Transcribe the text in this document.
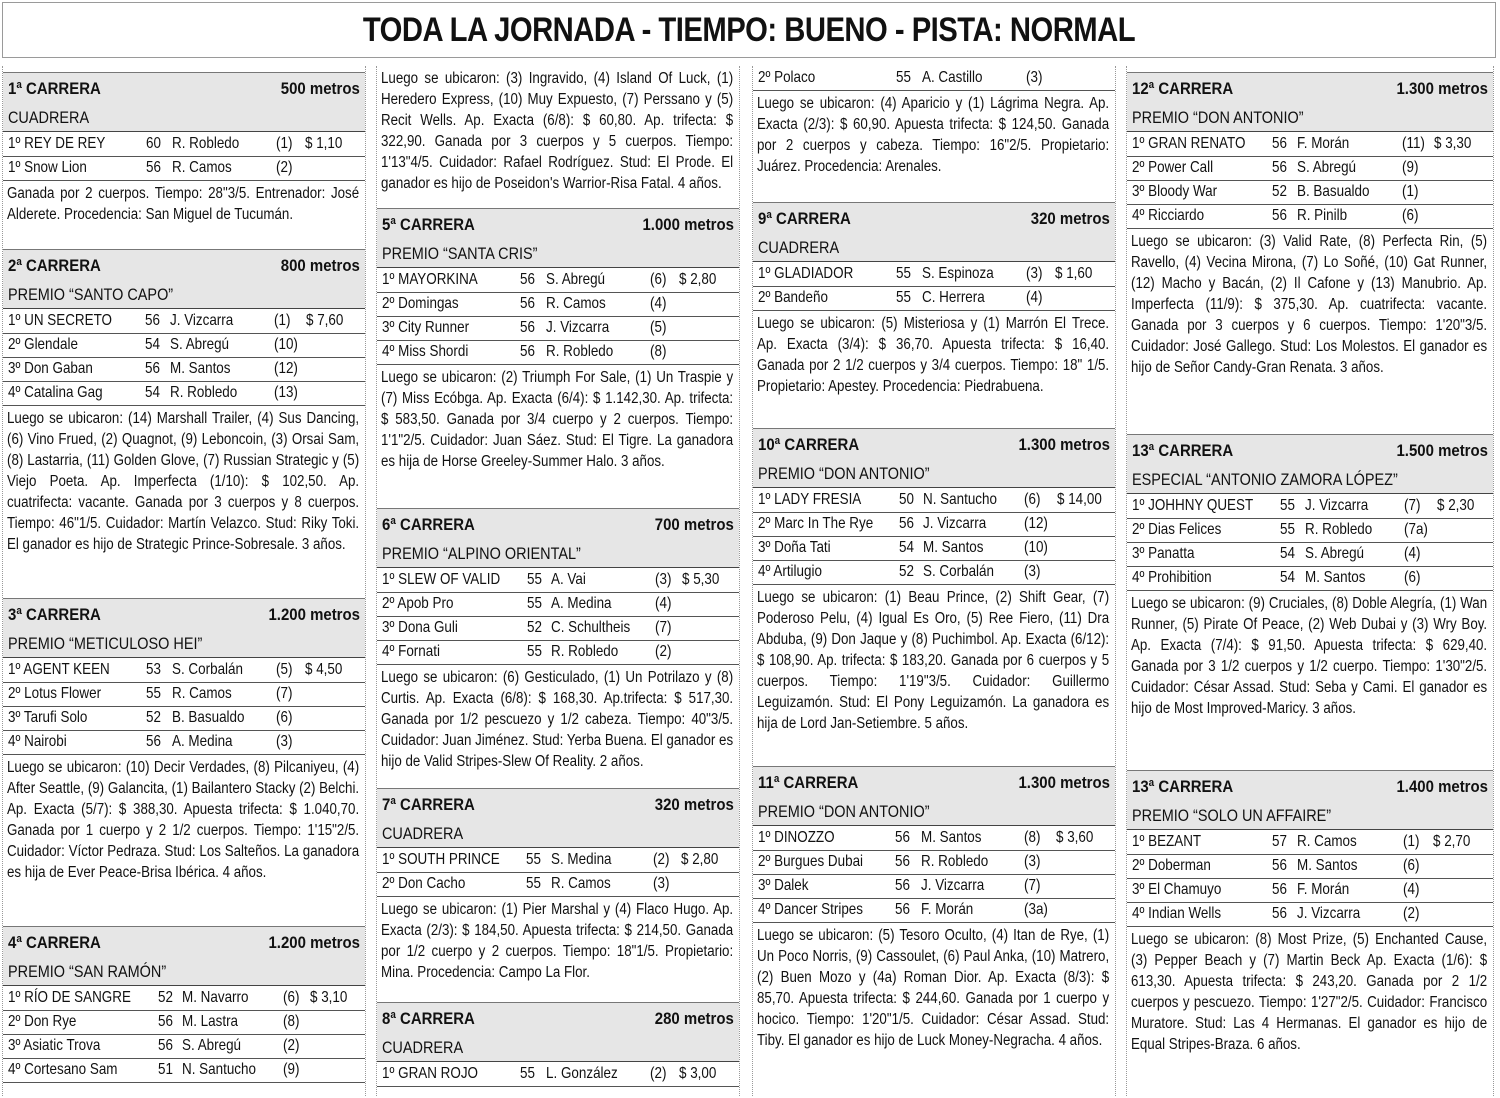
TODA LA JORNADA - TIEMPO: BUENO - PISTA: NORMAL
1ª CARRERA	500 metros
CUADRERA
1º REY DE REY	60	R. Robledo	(1)	$ 1,10
1º Snow Lion	56	R. Camos	(2)	
Ganada por 2 cuerpos. Tiempo: 28"3/5. Entrenador: José Alderete. Procedencia: San Miguel de Tucumán.
2ª CARRERA	800 metros
PREMIO “SANTO CAPO”
1º UN SECRETO	56	J. Vizcarra	(1)	$ 7,60
2º Glendale	54	S. Abregú	(10)	
3º Don Gaban	56	M. Santos	(12)	
4º Catalina Gag	54	R. Robledo	(13)	
Luego se ubicaron: (14) Marshall Trailer, (4) Sus Dancing, (6) Vino Frued, (2) Quagnot, (9) Leboncoin, (3) Orsai Sam, (8) Lastarria, (11) Golden Glove, (7) Russian Strategic y (5) Viejo Poeta. Ap. Imperfecta (1/10): $ 102,50. Ap. cuatrifecta: vacante. Ganada por 3 cuerpos y 8 cuerpos. Tiempo: 46"1/5. Cuidador: Martín Velazco. Stud: Riky Toki. El ganador es hijo de Strategic Prince-Sobresale. 3 años.
3ª CARRERA	1.200 metros
PREMIO “METICULOSO HEI”
1º AGENT KEEN	53	S. Corbalán	(5)	$ 4,50
2º Lotus Flower	55	R. Camos	(7)	
3º Tarufi Solo	52	B. Basualdo	(6)	
4º Nairobi	56	A. Medina	(3)	
Luego se ubicaron: (10) Decir Verdades, (8) Pilcaniyeu, (4) After Seattle, (9) Galancita, (1) Bailantero Stacky (2) Belchi. Ap. Exacta (5/7): $ 388,30. Apuesta trifecta: $ 1.040,70. Ganada por 1 cuerpo y 2 1/2 cuerpos. Tiempo: 1'15"2/5. Cuidador: Víctor Pedraza. Stud: Los Salteños. La ganadora es hija de Ever Peace-Brisa Ibérica. 4 años.
4ª CARRERA	1.200 metros
PREMIO “SAN RAMÓN”
1º RÍO DE SANGRE	52	M. Navarro	(6)	$ 3,10
2º Don Rye	56	M. Lastra	(8)	
3º Asiatic Trova	56	S. Abregú	(2)	
4º Cortesano Sam	51	N. Santucho	(9)	
Luego se ubicaron: (3) Ingravido, (4) Island Of Luck, (1) Heredero Express, (10) Muy Expuesto, (7) Perssano y (5) Recit Wells. Ap. Exacta (6/8): $ 60,80. Ap. trifecta: $ 322,90. Ganada por 3 cuerpos y 5 cuerpos. Tiempo: 1'13"4/5. Cuidador: Rafael Rodríguez. Stud: El Prode. El ganador es hijo de Poseidon's Warrior-Risa Fatal. 4 años.
5ª CARRERA	1.000 metros
PREMIO “SANTA CRIS”
1º MAYORKINA	56	S. Abregú	(6)	$ 2,80
2º Domingas	56	R. Camos	(4)	
3º City Runner	56	J. Vizcarra	(5)	
4º Miss Shordi	56	R. Robledo	(8)	
Luego se ubicaron: (2) Triumph For Sale, (1) Un Traspie y (7) Miss Ecóbga. Ap. Exacta (6/4): $ 1.142,30. Ap. trifecta: $ 583,50. Ganada por 3/4 cuerpo y 2 cuerpos. Tiempo: 1'1"2/5. Cuidador: Juan Sáez. Stud: El Tigre. La ganadora es hija de Horse Greeley-Summer Halo. 3 años.
6ª CARRERA	700 metros
PREMIO “ALPINO ORIENTAL”
1º SLEW OF VALID	55	A. Vai	(3)	$ 5,30
2º Apob Pro	55	A. Medina	(4)	
3º Dona Guli	52	C. Schultheis	(7)	
4º Fornati	55	R. Robledo	(2)	
Luego se ubicaron: (6) Gesticulado, (1) Un Potrilazo y (8) Curtis. Ap. Exacta (6/8): $ 168,30. Ap.trifecta: $ 517,30. Ganada por 1/2 pescuezo y 1/2 cabeza. Tiempo: 40"3/5. Cuidador: Juan Jiménez. Stud: Yerba Buena. El ganador es hijo de Valid Stripes-Slew Of Reality. 2 años.
7ª CARRERA	320 metros
CUADRERA
1º SOUTH PRINCE	55	S. Medina	(2)	$ 2,80
2º Don Cacho	55	R. Camos	(3)	
Luego se ubicaron: (1) Pier Marshal y (4) Flaco Hugo. Ap. Exacta (2/3): $ 184,50. Apuesta trifecta: $ 214,50. Ganada por 1/2 cuerpo y 2 cuerpos. Tiempo: 18"1/5. Propietario: Mina. Procedencia: Campo La Flor.
8ª CARRERA	280 metros
CUADRERA
1º GRAN ROJO	55	L. González	(2)	$ 3,00
2º Polaco	55	A. Castillo	(3)	
Luego se ubicaron: (4) Aparicio y (1) Lágrima Negra. Ap. Exacta (2/3): $ 60,90. Apuesta trifecta: $ 124,50. Ganada por 2 cuerpos y cabeza. Tiempo: 16"2/5. Propietario: Juárez. Procedencia: Arenales.
9ª CARRERA	320 metros
CUADRERA
1º GLADIADOR	55	S. Espinoza	(3)	$ 1,60
2º Bandeño	55	C. Herrera	(4)	
Luego se ubicaron: (5) Misteriosa y (1) Marrón El Trece. Ap. Exacta (3/4): $ 36,70. Apuesta trifecta: $ 16,40. Ganada por 2 1/2 cuerpos y 3/4 cuerpos. Tiempo: 18" 1/5. Propietario: Apestey. Procedencia: Piedrabuena.
10ª CARRERA	1.300 metros
PREMIO “DON ANTONIO”
1º LADY FRESIA	50	N. Santucho	(6)	$ 14,00
2º Marc In The Rye	56	J. Vizcarra	(12)	
3º Doña Tati	54	M. Santos	(10)	
4º Artilugio	52	S. Corbalán	(3)	
Luego se ubicaron: (1) Beau Prince, (2) Shift Gear, (7) Poderoso Pelu, (4) Igual Es Oro, (5) Ree Fiero, (11) Dra Abduba, (9) Don Jaque y (8) Puchimbol. Ap. Exacta (6/12): $ 108,90. Ap. trifecta: $ 183,20. Ganada por 6 cuerpos y 5 cuerpos. Tiempo: 1'19"3/5. Cuidador: Guillermo Leguizamón. Stud: El Pony Leguizamón. La ganadora es hija de Lord Jan-Setiembre. 5 años.
11ª CARRERA	1.300 metros
PREMIO “DON ANTONIO”
1º DINOZZO	56	M. Santos	(8)	$ 3,60
2º Burgues Dubai	56	R. Robledo	(3)	
3º Dalek	56	J. Vizcarra	(7)	
4º Dancer Stripes	56	F. Morán	(3a)	
Luego se ubicaron: (5) Tesoro Oculto, (4) Itan de Rye, (1) Un Poco Norris, (9) Cassoulet, (6) Paul Anka, (10) Matrero, (2) Buen Mozo y (4a) Roman Dior. Ap. Exacta (8/3): $ 85,70. Apuesta trifecta: $ 244,60. Ganada por 1 cuerpo y hocico. Tiempo: 1'20"1/5. Cuidador: César Assad. Stud: Tiby. El ganador es hijo de Luck Money-Negracha. 4 años.
12ª CARRERA	1.300 metros
PREMIO “DON ANTONIO”
1º GRAN RENATO	56	F. Morán	(11)	$ 3,30
2º Power Call	56	S. Abregú	(9)	
3º Bloody War	52	B. Basualdo	(1)	
4º Ricciardo	56	R. Pinilb	(6)	
Luego se ubicaron: (3) Valid Rate, (8) Perfecta Rin, (5) Ravello, (4) Vecina Mirona, (7) Lo Soñé, (10) Gat Runner, (12) Macho y Bacán, (2) Il Cafone y (13) Manubrio. Ap. Imperfecta (11/9): $ 375,30. Ap. cuatrifecta: vacante. Ganada por 3 cuerpos y 6 cuerpos. Tiempo: 1'20"3/5. Cuidador: José Gallego. Stud: Los Molestos. El ganador es hijo de Señor Candy-Gran Renata. 3 años.
13ª CARRERA	1.500 metros
ESPECIAL “ANTONIO ZAMORA LÓPEZ”
1º JOHHNY QUEST	55	J. Vizcarra	(7)	$ 2,30
2º Dias Felices	55	R. Robledo	(7a)	
3º Panatta	54	S. Abregú	(4)	
4º Prohibition	54	M. Santos	(6)	
Luego se ubicaron: (9) Cruciales, (8) Doble Alegría, (1) Wan Runner, (5) Pirate Of Peace, (2) Web Dubai y (3) Wry Boy. Ap. Exacta (7/4): $ 91,50. Apuesta trifecta: $ 629,40. Ganada por 3 1/2 cuerpos y 1/2 cuerpo. Tiempo: 1'30"2/5. Cuidador: César Assad. Stud: Seba y Cami. El ganador es hijo de Most Improved-Maricy. 3 años.
13ª CARRERA	1.400 metros
PREMIO “SOLO UN AFFAIRE”
1º BEZANT	57	R. Camos	(1)	$ 2,70
2º Doberman	56	M. Santos	(6)	
3º El Chamuyo	56	F. Morán	(4)	
4º Indian Wells	56	J. Vizcarra	(2)	
Luego se ubicaron: (8) Most Prize, (5) Enchanted Cause, (3) Pepper Beach y (7) Martin Beck Ap. Exacta (1/6): $ 613,30. Apuesta trifecta: $ 243,20. Ganada por 2 1/2 cuerpos y pescuezo. Tiempo: 1'27"2/5. Cuidador: Francisco Muratore. Stud: Las 4 Hermanas. El ganador es hijo de Equal Stripes-Braza. 6 años.
